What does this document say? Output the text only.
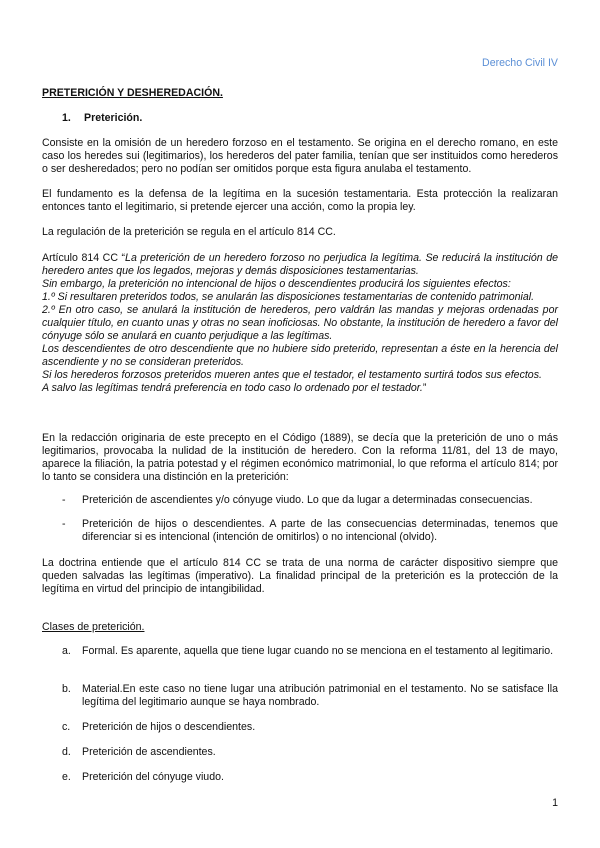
Derecho Civil IV
PRETERICIÓN Y DESHEREDACIÓN.
1. Preterición.
Consiste en la omisión de un heredero forzoso en el testamento. Se origina en el derecho romano, en este caso los heredes sui (legitimarios), los herederos del pater familia, tenían que ser instituidos como herederos o ser desheredados; pero no podían ser omitidos porque esta figura anulaba el testamento.
El fundamento es la defensa de la legítima en la sucesión testamentaria. Esta protección la realizaran entonces tanto el legitimario, si pretende ejercer una acción, como la propia ley.
La regulación de la preterición se regula en el artículo 814 CC.

Artículo 814 CC “La preterición de un heredero forzoso no perjudica la legítima. Se reducirá la institución de heredero antes que los legados, mejoras y demás disposiciones testamentarias.

Sin embargo, la preterición no intencional de hijos o descendientes producirá los siguientes efectos:

1.º Si resultaren preteridos todos, se anularán las disposiciones testamentarias de contenido patrimonial.

2.º En otro caso, se anulará la institución de herederos, pero valdrán las mandas y mejoras ordenadas por cualquier título, en cuanto unas y otras no sean inoficiosas. No obstante, la institución de heredero a favor del cónyuge sólo se anulará en cuanto perjudique a las legítimas.

Los descendientes de otro descendiente que no hubiere sido preterido, representan a éste en la herencia del ascendiente y no se consideran preteridos.

Si los herederos forzosos preteridos mueren antes que el testador, el testamento surtirá todos sus efectos.

A salvo las legítimas tendrá preferencia en todo caso lo ordenado por el testador.”

En la redacción originaria de este precepto en el Código (1889), se decía que la preterición de uno o más legitimarios, provocaba la nulidad de la institución de heredero. Con la reforma 11/81, del 13 de mayo, aparece la filiación, la patria potestad y el régimen económico matrimonial, lo que reforma el artículo 814; por lo tanto se considera una distinción en la preterición:
- Preterición de ascendientes y/o cónyuge viudo. Lo que da lugar a determinadas consecuencias.
- Preterición de hijos o descendientes. A parte de las consecuencias determinadas, tenemos que diferenciar si es intencional (intención de omitirlos) o no intencional (olvido).
La doctrina entiende que el artículo 814 CC se trata de una norma de carácter dispositivo siempre que queden salvadas las legítimas (imperativo). La finalidad principal de la preterición es la protección de la legítima en virtud del principio de intangibilidad.
Clases de preterición.
a. Formal. Es aparente, aquella que tiene lugar cuando no se menciona en el testamento al legitimario.
b. Material.En este caso no tiene lugar una atribución patrimonial en el testamento. No se satisface lla legítima del legitimario aunque se haya nombrado.
c. Preterición de hijos o descendientes.
d. Preterición de ascendientes.
e. Preterición del cónyuge viudo.
1
